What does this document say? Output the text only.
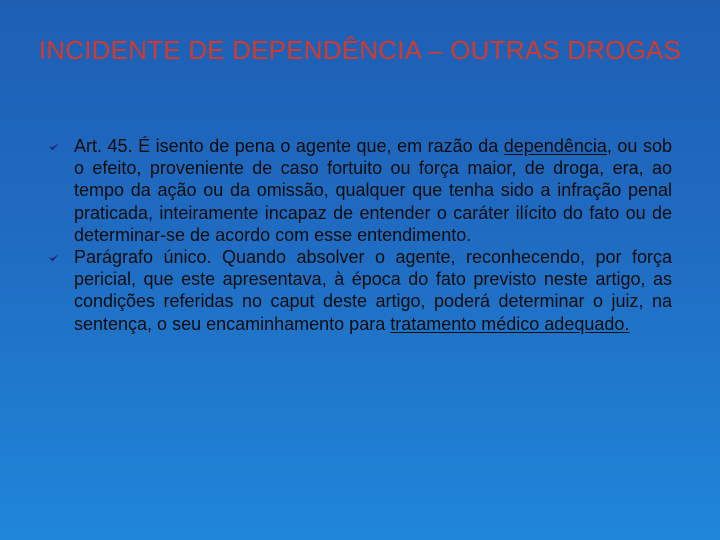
INCIDENTE DE DEPENDÊNCIA – OUTRAS DROGAS
Art. 45. É isento de pena o agente que, em razão da dependência, ou sob o efeito, proveniente de caso fortuito ou força maior, de droga, era, ao tempo da ação ou da omissão, qualquer que tenha sido a infração penal praticada, inteiramente incapaz de entender o caráter ilícito do fato ou de determinar-se de acordo com esse entendimento.
Parágrafo único. Quando absolver o agente, reconhecendo, por força pericial, que este apresentava, à época do fato previsto neste artigo, as condições referidas no caput deste artigo, poderá determinar o juiz, na sentença, o seu encaminhamento para tratamento médico adequado.
